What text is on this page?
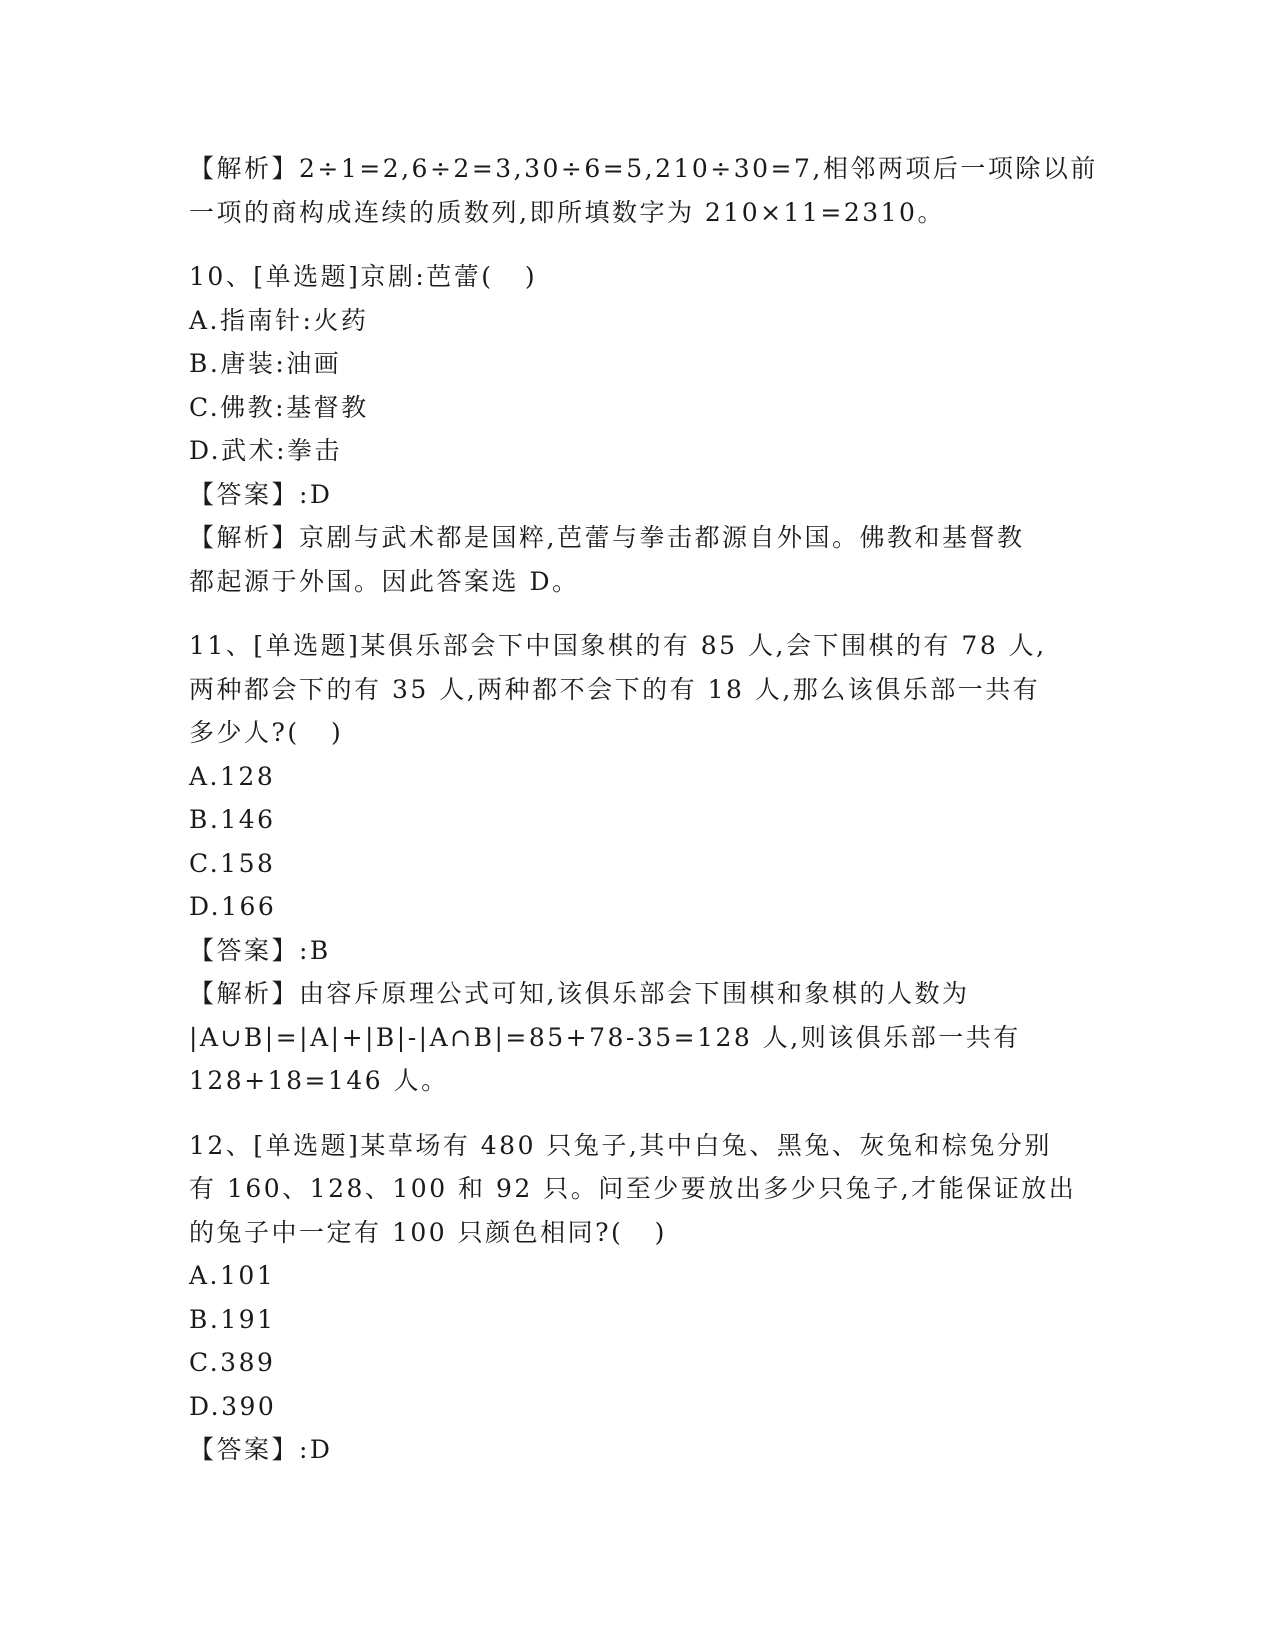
【解析】2÷1=2,6÷2=3,30÷6=5,210÷30=7,相邻两项后一项除以前
一项的商构成连续的质数列,即所填数字为 210×11=2310。
10、[单选题]京剧:芭蕾(   )
A.指南针:火药
B.唐装:油画
C.佛教:基督教
D.武术:拳击
【答案】:D
【解析】京剧与武术都是国粹,芭蕾与拳击都源自外国。佛教和基督教
都起源于外国。因此答案选 D。
11、[单选题]某俱乐部会下中国象棋的有 85 人,会下围棋的有 78 人,
两种都会下的有 35 人,两种都不会下的有 18 人,那么该俱乐部一共有
多少人?(   )
A.128
B.146
C.158
D.166
【答案】:B
【解析】由容斥原理公式可知,该俱乐部会下围棋和象棋的人数为
|A∪B|=|A|+|B|-|A∩B|=85+78-35=128 人,则该俱乐部一共有
128+18=146 人。
12、[单选题]某草场有 480 只兔子,其中白兔、黑兔、灰兔和棕兔分别
有 160、128、100 和 92 只。问至少要放出多少只兔子,才能保证放出
的兔子中一定有 100 只颜色相同?(   )
A.101
B.191
C.389
D.390
【答案】:D
